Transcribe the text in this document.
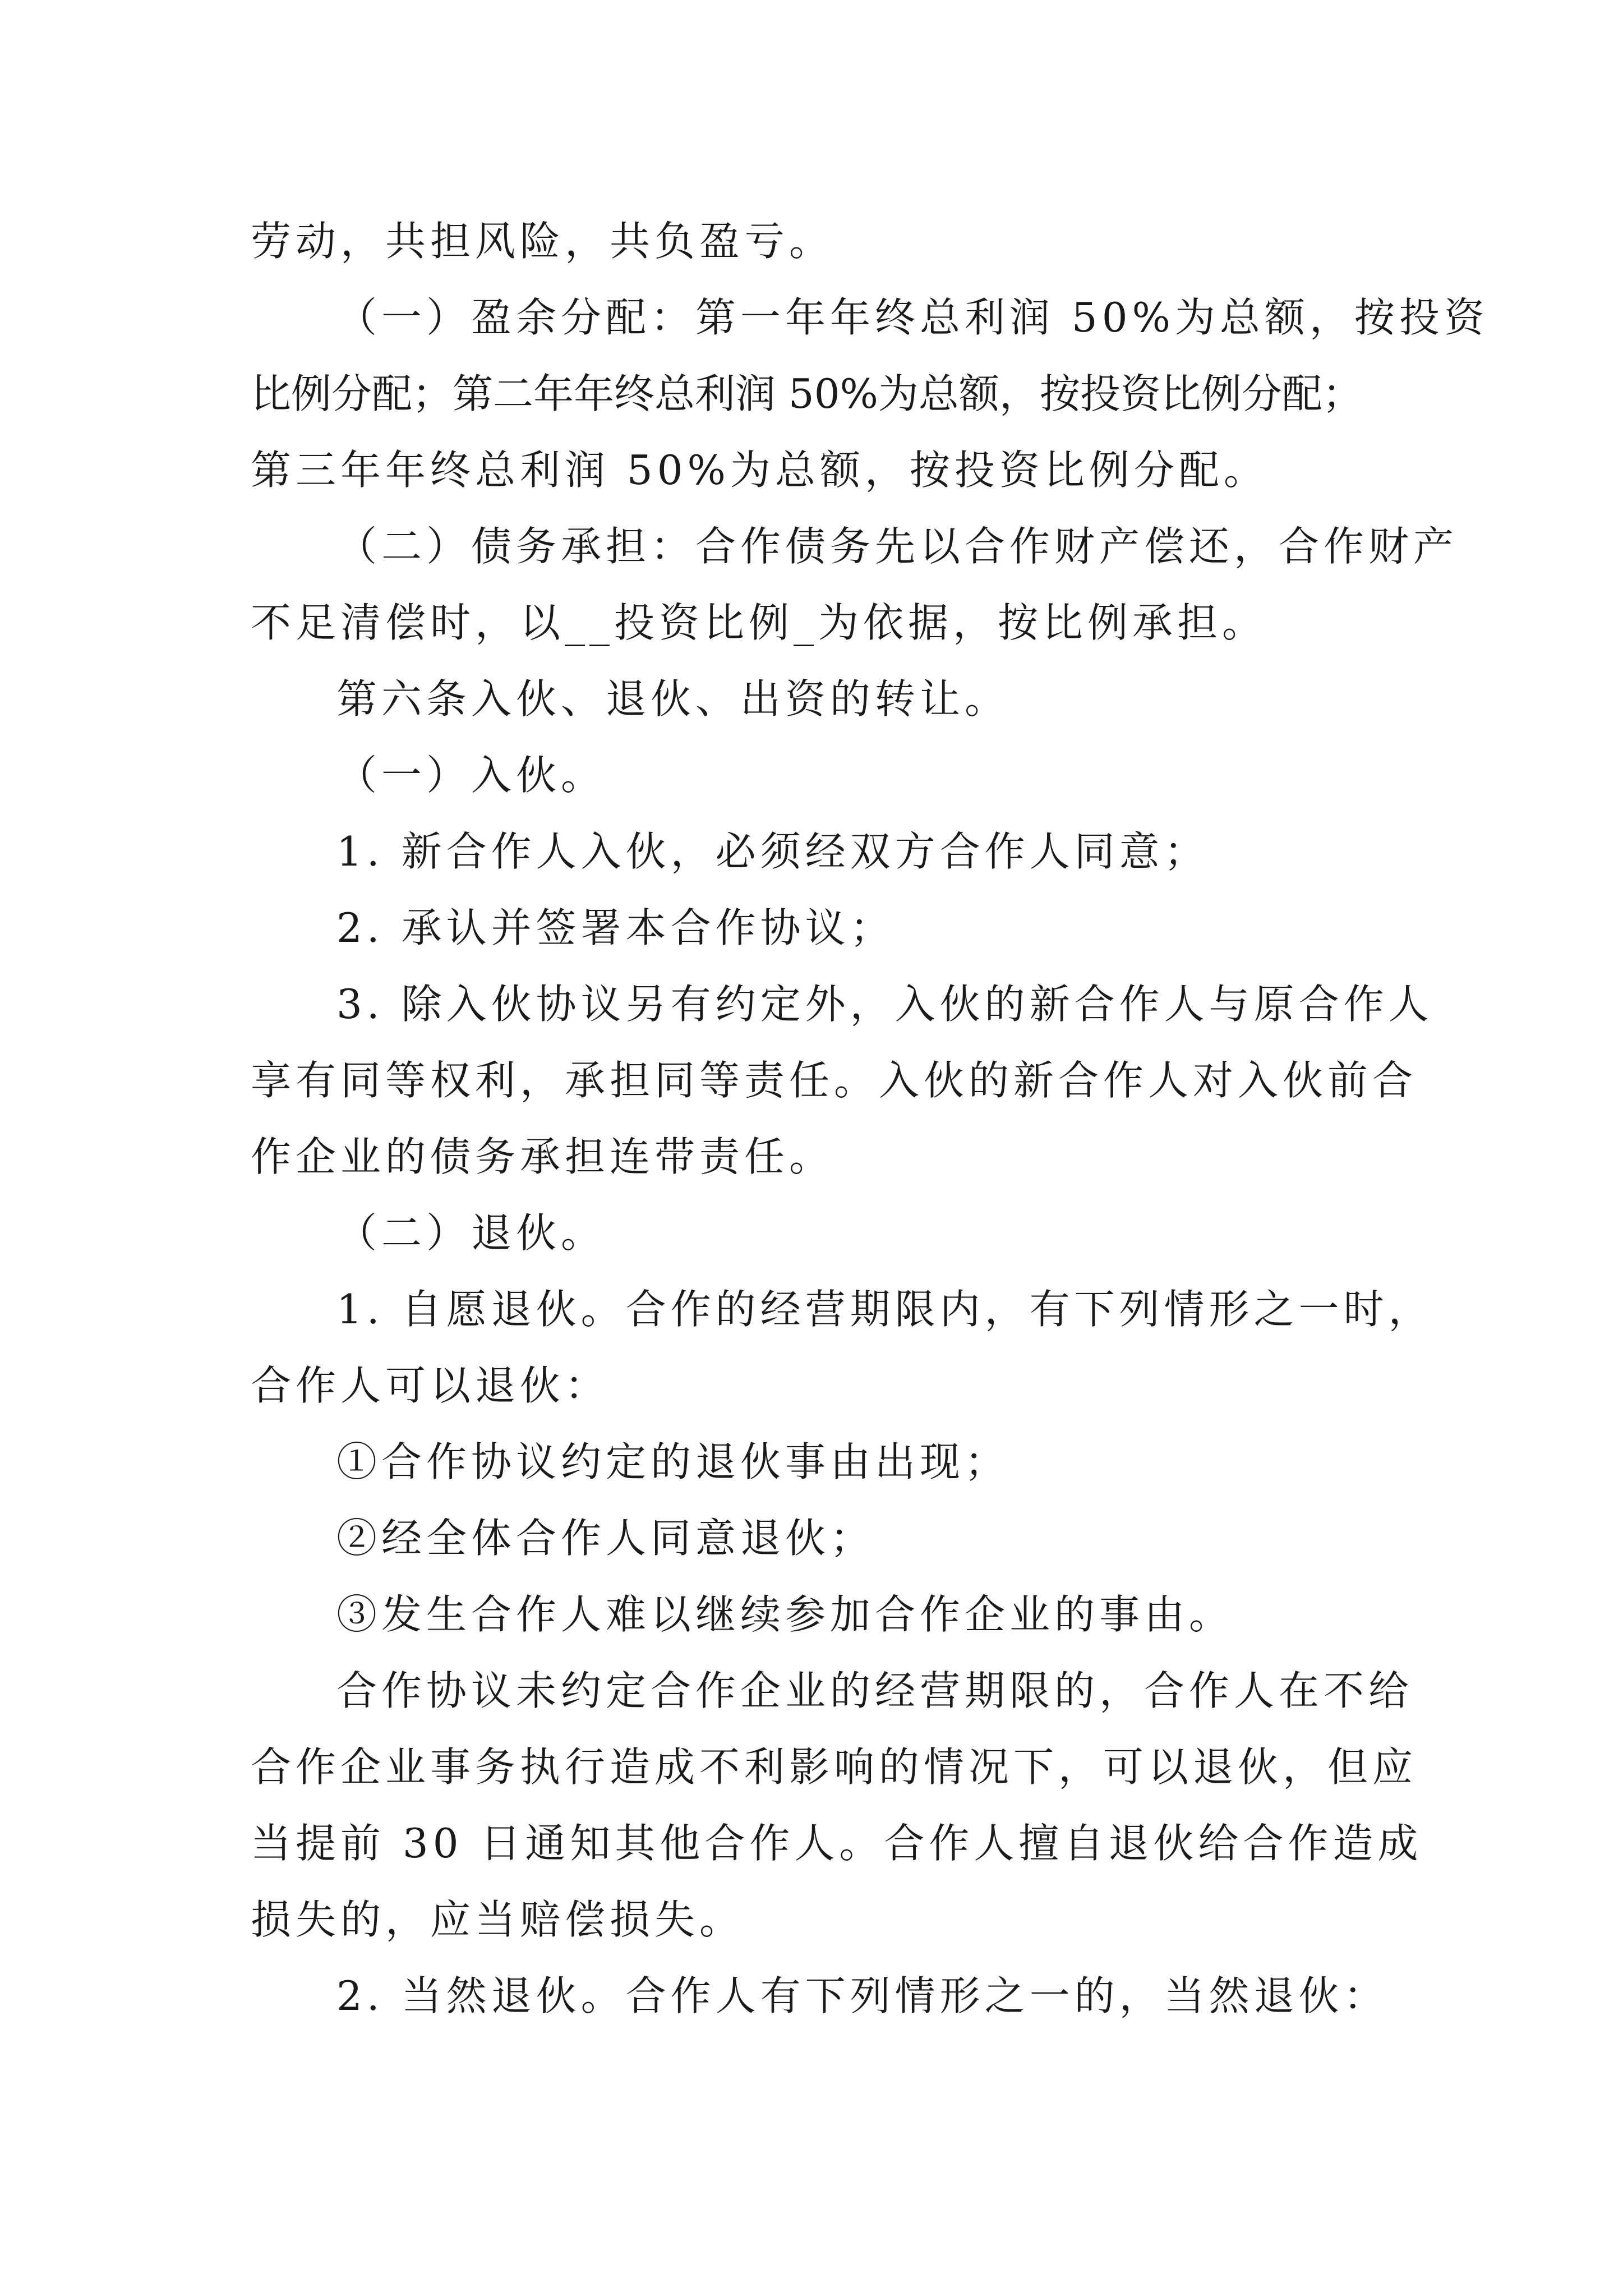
劳动，共担风险，共负盈亏。
（一）盈余分配：第一年年终总利润 50%为总额，按投资
比例分配；第二年年终总利润 50%为总额，按投资比例分配；
第三年年终总利润 50%为总额，按投资比例分配。
（二）债务承担：合作债务先以合作财产偿还，合作财产
不足清偿时，以__投资比例_为依据，按比例承担。
第六条入伙、退伙、出资的转让。
（一）入伙。
1. 新合作人入伙，必须经双方合作人同意；
2. 承认并签署本合作协议；
3. 除入伙协议另有约定外，入伙的新合作人与原合作人
享有同等权利，承担同等责任。入伙的新合作人对入伙前合
作企业的债务承担连带责任。
（二）退伙。
1. 自愿退伙。合作的经营期限内，有下列情形之一时，
合作人可以退伙：
①合作协议约定的退伙事由出现；
②经全体合作人同意退伙；
③发生合作人难以继续参加合作企业的事由。
合作协议未约定合作企业的经营期限的，合作人在不给
合作企业事务执行造成不利影响的情况下，可以退伙，但应
当提前 30 日通知其他合作人。合作人擅自退伙给合作造成
损失的，应当赔偿损失。
2. 当然退伙。合作人有下列情形之一的，当然退伙：
